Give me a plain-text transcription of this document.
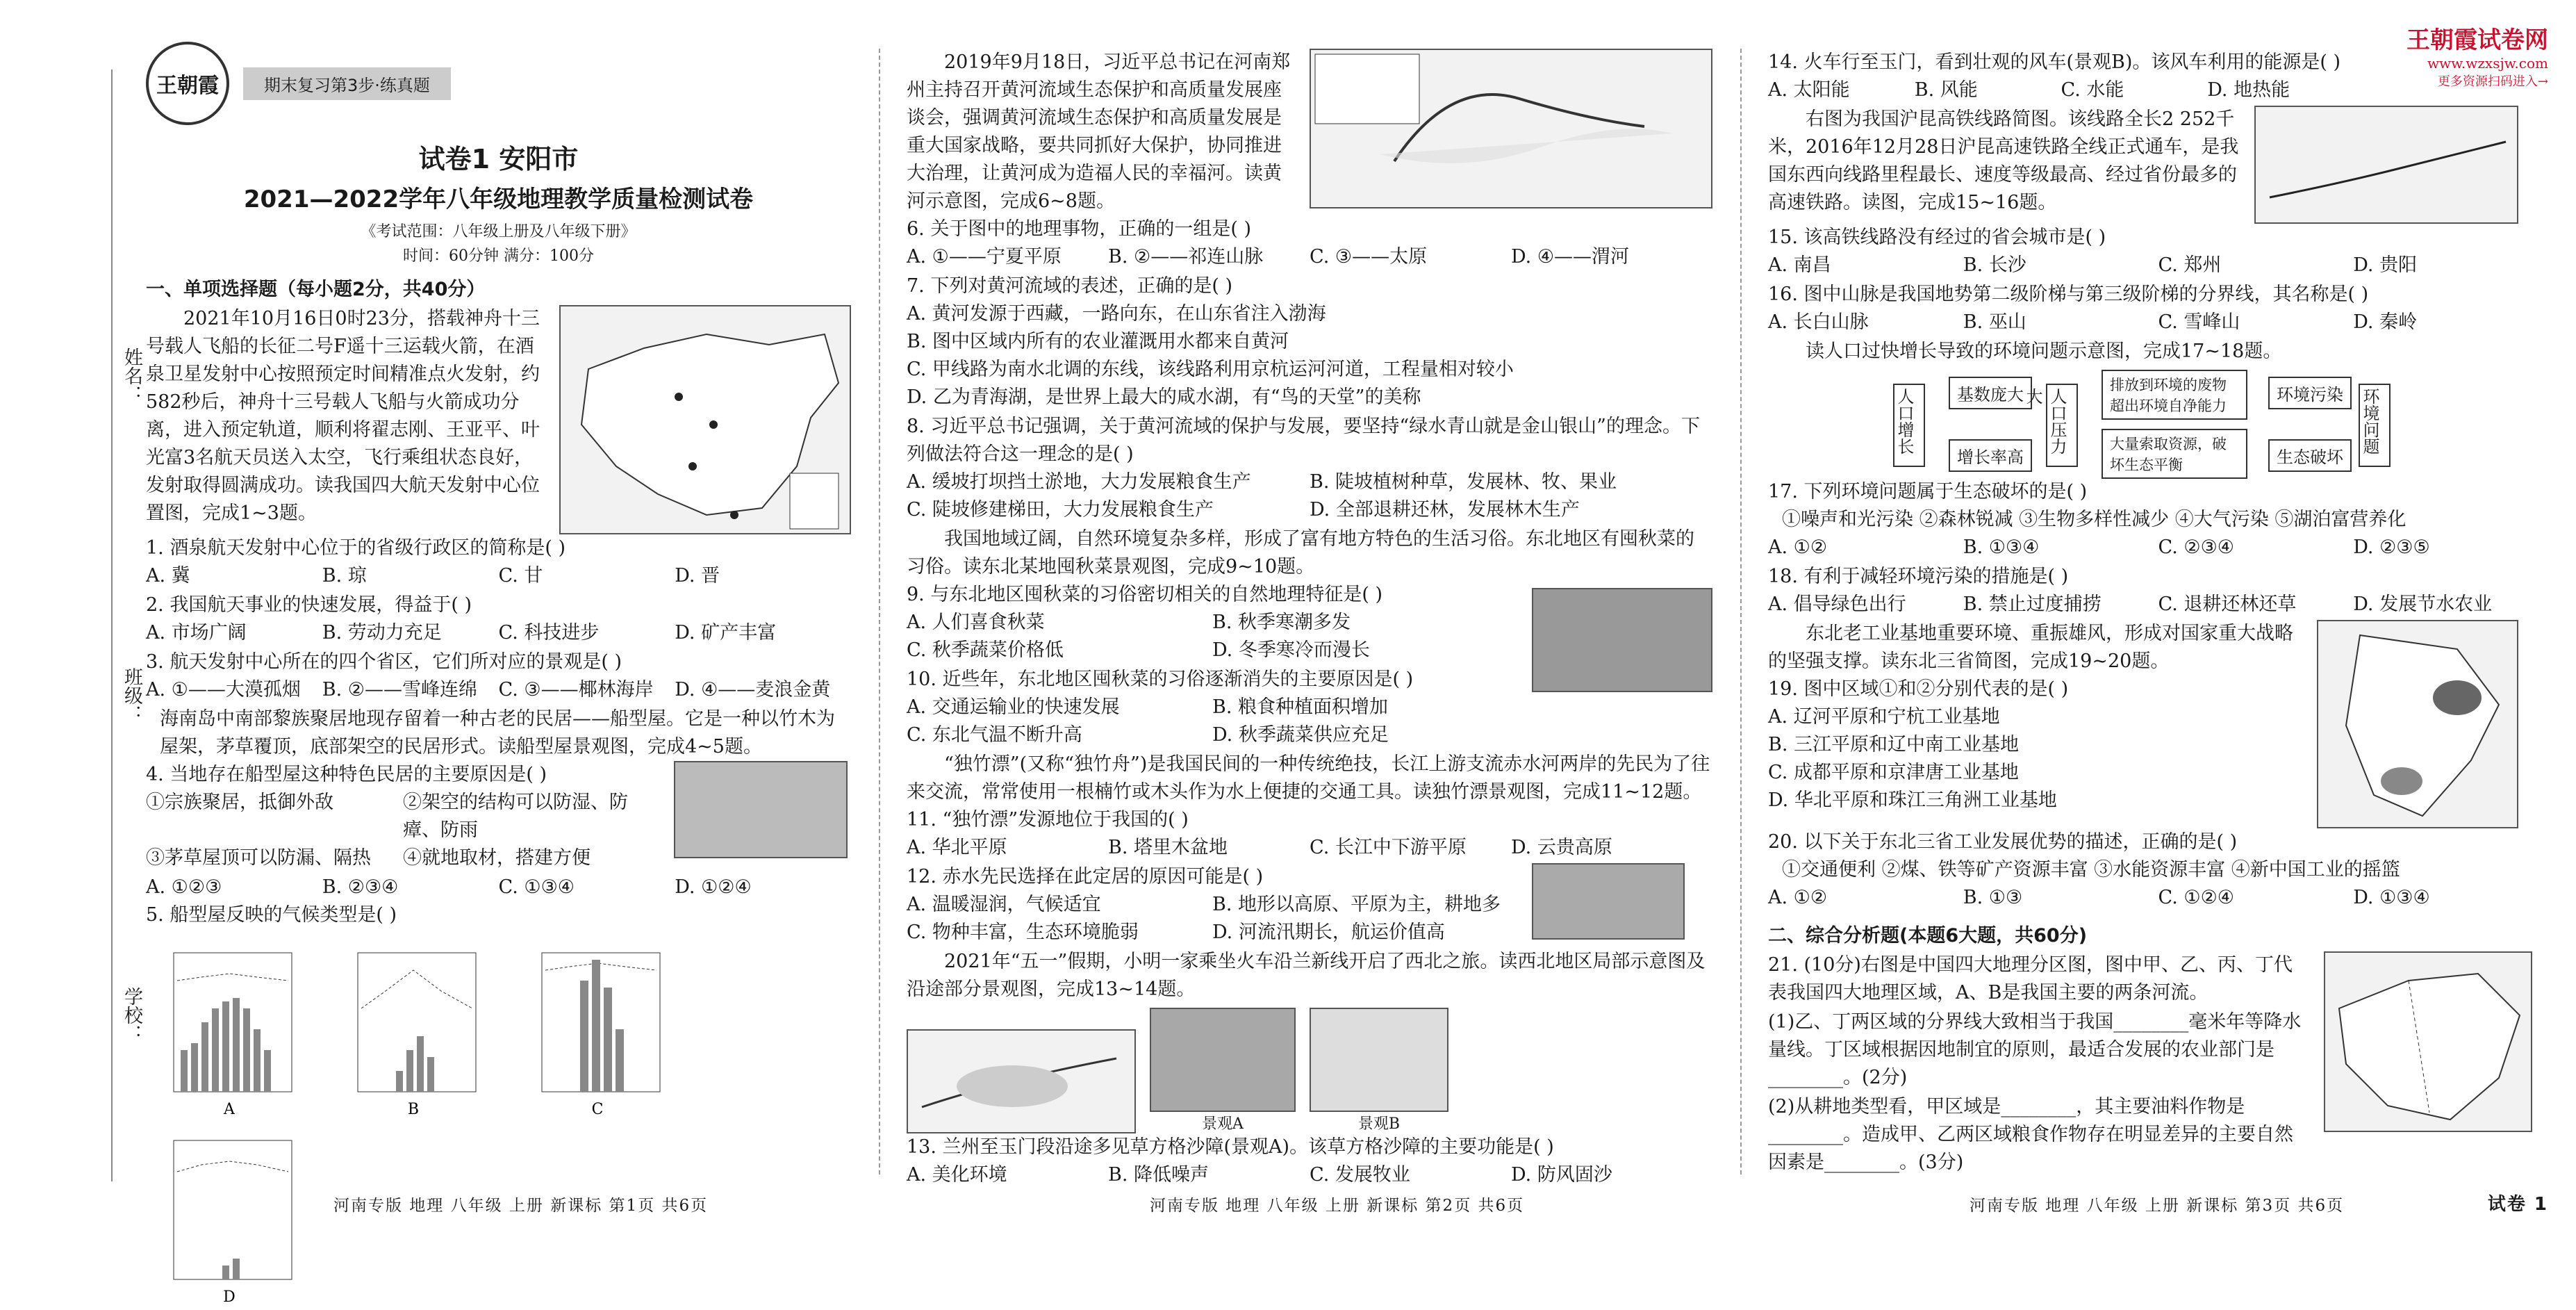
姓名：
班级：
学校：
王朝霞	期末复习第3步·练真题
试卷1 安阳市
2021—2022学年八年级地理教学质量检测试卷
《考试范围：八年级上册及八年级下册》
时间：60分钟 满分：100分
一、单项选择题（每小题2分，共40分）
2021年10月16日0时23分，搭载神舟十三号载人飞船的长征二号F遥十三运载火箭，在酒泉卫星发射中心按照预定时间精准点火发射，约582秒后，神舟十三号载人飞船与火箭成功分离，进入预定轨道，顺利将翟志刚、王亚平、叶光富3名航天员送入太空，飞行乘组状态良好，发射取得圆满成功。读我国四大航天发射中心位置图，完成1~3题。
1. 酒泉航天发射中心位于的省级行政区的简称是( )
A. 冀	B. 琼	C. 甘	D. 晋
2. 我国航天事业的快速发展，得益于( )
A. 市场广阔	B. 劳动力充足	C. 科技进步	D. 矿产丰富
3. 航天发射中心所在的四个省区，它们所对应的景观是( )
A. ①——大漠孤烟	B. ②——雪峰连绵	C. ③——椰林海岸	D. ④——麦浪金黄
海南岛中南部黎族聚居地现存留着一种古老的民居——船型屋。它是一种以竹木为屋架，茅草覆顶，底部架空的民居形式。读船型屋景观图，完成4~5题。
4. 当地存在船型屋这种特色民居的主要原因是( )
①宗族聚居，抵御外敌	②架空的结构可以防湿、防瘴、防雨
③茅草屋顶可以防漏、隔热	④就地取材，搭建方便
A. ①②③	B. ②③④	C. ①③④	D. ①②④
5. 船型屋反映的气候类型是( )
A
	B
	C

D
河南专版 地理 八年级 上册 新课标 第1页 共6页
2019年9月18日，习近平总书记在河南郑州主持召开黄河流域生态保护和高质量发展座谈会，强调黄河流域生态保护和高质量发展是重大国家战略，要共同抓好大保护，协同推进大治理，让黄河成为造福人民的幸福河。读黄河示意图，完成6~8题。
6. 关于图中的地理事物，正确的一组是( )
A. ①——宁夏平原	B. ②——祁连山脉	C. ③——太原	D. ④——渭河
7. 下列对黄河流域的表述，正确的是( )
A. 黄河发源于西藏，一路向东，在山东省注入渤海
B. 图中区域内所有的农业灌溉用水都来自黄河
C. 甲线路为南水北调的东线，该线路利用京杭运河河道，工程量相对较小
D. 乙为青海湖，是世界上最大的咸水湖，有“鸟的天堂”的美称
8. 习近平总书记强调，关于黄河流域的保护与发展，要坚持“绿水青山就是金山银山”的理念。下列做法符合这一理念的是( )
A. 缓坡打坝挡土淤地，大力发展粮食生产	B. 陡坡植树种草，发展林、牧、果业
C. 陡坡修建梯田，大力发展粮食生产	D. 全部退耕还林，发展林木生产
我国地域辽阔，自然环境复杂多样，形成了富有地方特色的生活习俗。东北地区有囤秋菜的习俗。读东北某地囤秋菜景观图，完成9~10题。
9. 与东北地区囤秋菜的习俗密切相关的自然地理特征是( )
A. 人们喜食秋菜	B. 秋季寒潮多发
C. 秋季蔬菜价格低	D. 冬季寒冷而漫长
10. 近些年，东北地区囤秋菜的习俗逐渐消失的主要原因是( )
A. 交通运输业的快速发展	B. 粮食种植面积增加
C. 东北气温不断升高	D. 秋季蔬菜供应充足
“独竹漂”(又称“独竹舟”)是我国民间的一种传统绝技，长江上游支流赤水河两岸的先民为了往来交流，常常使用一根楠竹或木头作为水上便捷的交通工具。读独竹漂景观图，完成11~12题。
11. “独竹漂”发源地位于我国的( )
A. 华北平原	B. 塔里木盆地	C. 长江中下游平原	D. 云贵高原
12. 赤水先民选择在此定居的原因可能是( )
A. 温暖湿润，气候适宜	B. 地形以高原、平原为主，耕地多
C. 物种丰富，生态环境脆弱	D. 河流汛期长，航运价值高
2021年“五一”假期，小明一家乘坐火车沿兰新线开启了西北之旅。读西北地区局部示意图及沿途部分景观图，完成13~14题。
景观A	景观B
13. 兰州至玉门段沿途多见草方格沙障(景观A)。该草方格沙障的主要功能是( )
A. 美化环境	B. 降低噪声	C. 发展牧业	D. 防风固沙
河南专版 地理 八年级 上册 新课标 第2页 共6页
王朝霞试卷网
www.wzxsjw.com
更多资源扫码进入→
14. 火车行至玉门，看到壮观的风车(景观B)。该风车利用的能源是( )
A. 太阳能	B. 风能	C. 水能	D. 地热能
右图为我国沪昆高铁线路简图。该线路全长2 252千米，2016年12月28日沪昆高速铁路全线正式通车，是我国东西向线路里程最长、速度等级最高、经过省份最多的高速铁路。读图，完成15~16题。
15. 该高铁线路没有经过的省会城市是( )
A. 南昌	B. 长沙	C. 郑州	D. 贵阳
16. 图中山脉是我国地势第二级阶梯与第三级阶梯的分界线，其名称是( )
A. 长白山脉	B. 巫山	C. 雪峰山	D. 秦岭
读人口过快增长导致的环境问题示意图，完成17~18题。
人口增长	基数庞大
增长率高
人口压力大
排放到环境的废物超出环境自净能力
大量索取资源，破坏生态平衡
环境污染
生态破坏
环境问题
17. 下列环境问题属于生态破坏的是( )
①噪声和光污染 ②森林锐减 ③生物多样性减少 ④大气污染 ⑤湖泊富营养化
A. ①②	B. ①③④	C. ②③④	D. ②③⑤
18. 有利于减轻环境污染的措施是( )
A. 倡导绿色出行	B. 禁止过度捕捞	C. 退耕还林还草	D. 发展节水农业
东北老工业基地重要环境、重振雄风，形成对国家重大战略的坚强支撑。读东北三省简图，完成19~20题。
19. 图中区域①和②分别代表的是( )
A. 辽河平原和宁杭工业基地
B. 三江平原和辽中南工业基地
C. 成都平原和京津唐工业基地
D. 华北平原和珠江三角洲工业基地
20. 以下关于东北三省工业发展优势的描述，正确的是( )
①交通便利 ②煤、铁等矿产资源丰富 ③水能资源丰富 ④新中国工业的摇篮
A. ①②	B. ①③	C. ①②④	D. ①③④
二、综合分析题(本题6大题，共60分)
21. (10分)右图是中国四大地理分区图，图中甲、乙、丙、丁代表我国四大地理区域，A、B是我国主要的两条河流。
(1)乙、丁两区域的分界线大致相当于我国________毫米年等降水量线。丁区域根据因地制宜的原则，最适合发展的农业部门是________。(2分)
(2)从耕地类型看，甲区域是________，其主要油料作物是________。造成甲、乙两区域粮食作物存在明显差异的主要自然因素是________。(3分)
河南专版 地理 八年级 上册 新课标 第3页 共6页	试卷 1
